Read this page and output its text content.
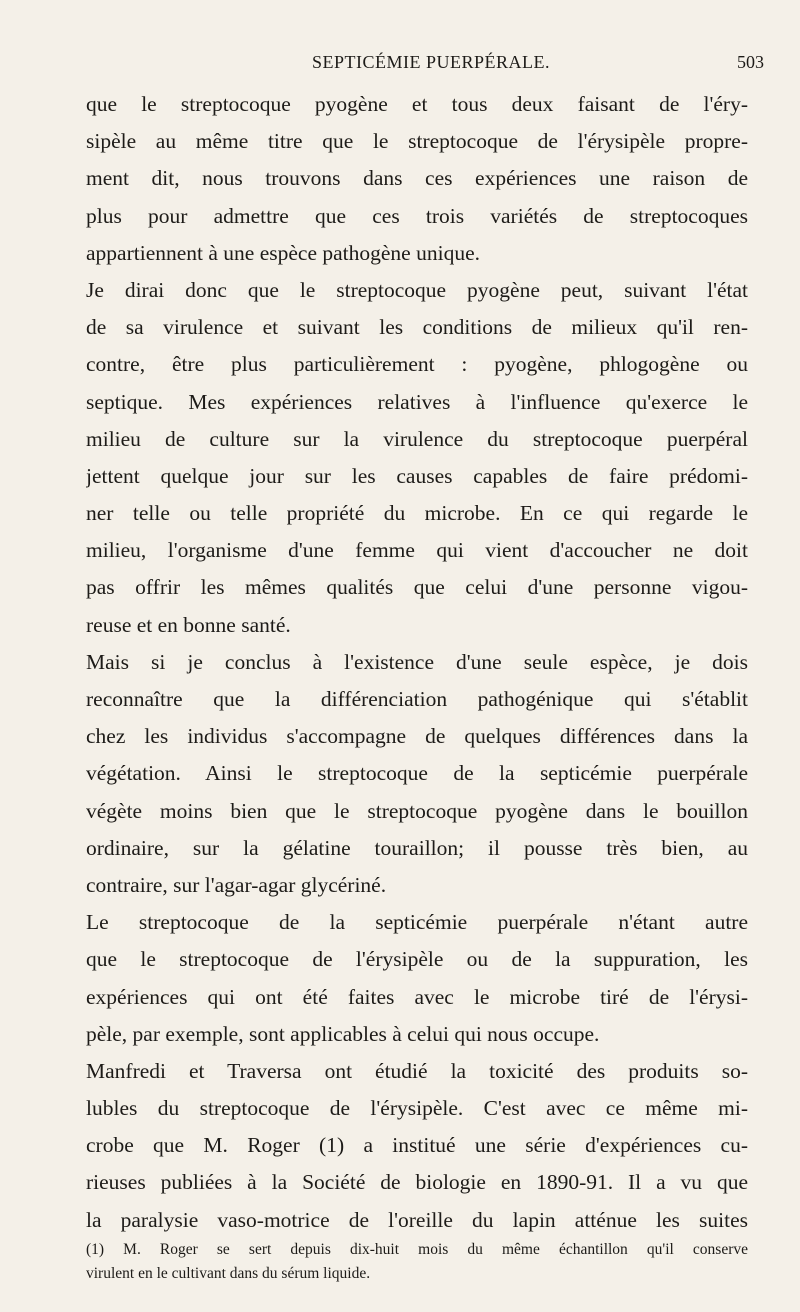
SEPTICÉMIE PUERPÉRALE.	503
que le streptocoque pyogène et tous deux faisant de l'éry-
sipèle au même titre que le streptocoque de l'érysipèle propre-
ment dit, nous trouvons dans ces expériences une raison de
plus pour admettre que ces trois variétés de streptocoques
appartiennent à une espèce pathogène unique.
Je dirai donc que le streptocoque pyogène peut, suivant l'état
de sa virulence et suivant les conditions de milieux qu'il ren-
contre, être plus particulièrement : pyogène, phlogogène ou
septique. Mes expériences relatives à l'influence qu'exerce le
milieu de culture sur la virulence du streptocoque puerpéral
jettent quelque jour sur les causes capables de faire prédomi-
ner telle ou telle propriété du microbe. En ce qui regarde le
milieu, l'organisme d'une femme qui vient d'accoucher ne doit
pas offrir les mêmes qualités que celui d'une personne vigou-
reuse et en bonne santé.
Mais si je conclus à l'existence d'une seule espèce, je dois
reconnaître que la différenciation pathogénique qui s'établit
chez les individus s'accompagne de quelques différences dans la
végétation. Ainsi le streptocoque de la septicémie puerpérale
végète moins bien que le streptocoque pyogène dans le bouillon
ordinaire, sur la gélatine touraillon; il pousse très bien, au
contraire, sur l'agar-agar glycériné.
Le streptocoque de la septicémie puerpérale n'étant autre
que le streptocoque de l'érysipèle ou de la suppuration, les
expériences qui ont été faites avec le microbe tiré de l'érysi-
pèle, par exemple, sont applicables à celui qui nous occupe.
Manfredi et Traversa ont étudié la toxicité des produits so-
lubles du streptocoque de l'érysipèle. C'est avec ce même mi-
crobe que M. Roger (1) a institué une série d'expériences cu-
rieuses publiées à la Société de biologie en 1890-91. Il a vu que
la paralysie vaso-motrice de l'oreille du lapin atténue les suites
(1) M. Roger se sert depuis dix-huit mois du même échantillon qu'il conserve
virulent en le cultivant dans du sérum liquide.
